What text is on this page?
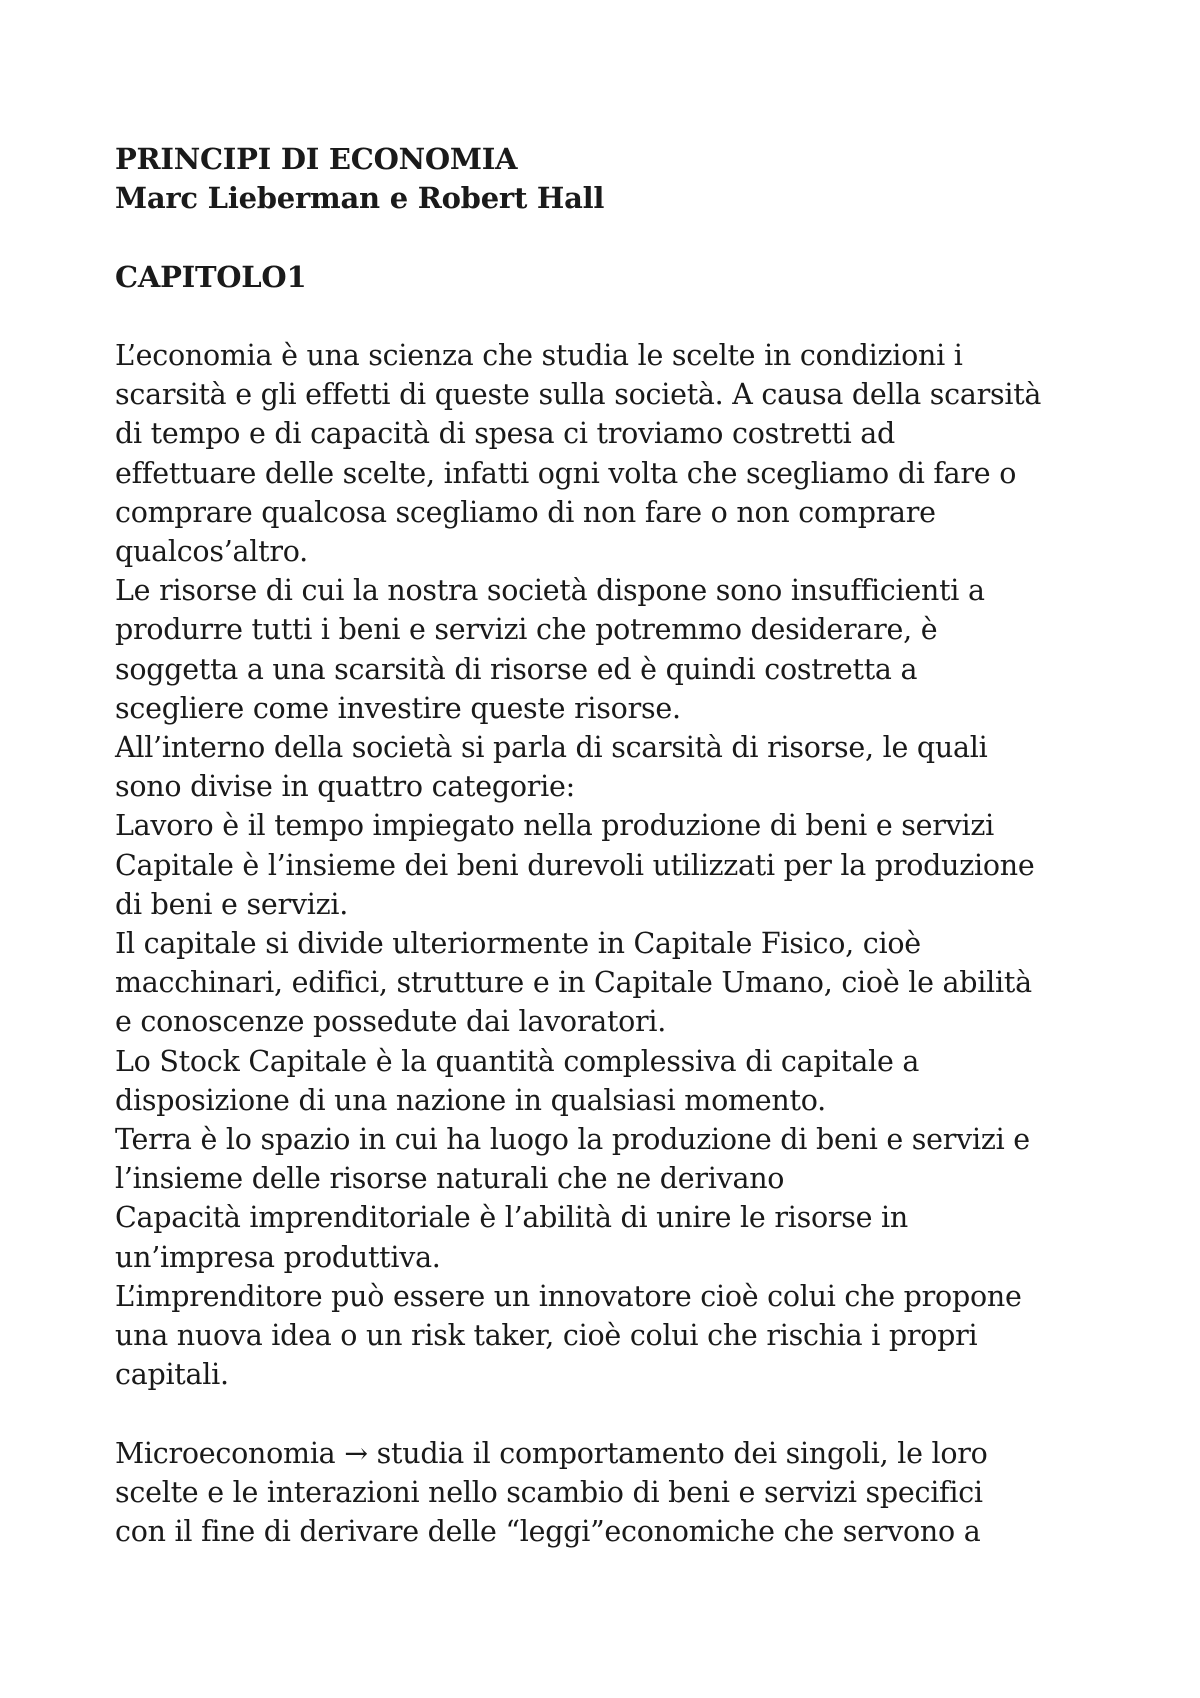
PRINCIPI DI ECONOMIA
Marc Lieberman e Robert Hall
CAPITOLO1
L’economia è una scienza che studia le scelte in condizioni i
scarsità e gli effetti di queste sulla società. A causa della scarsità
di tempo e di capacità di spesa ci troviamo costretti ad
effettuare delle scelte, infatti ogni volta che scegliamo di fare o
comprare qualcosa scegliamo di non fare o non comprare
qualcos’altro.
Le risorse di cui la nostra società dispone sono insufficienti a
produrre tutti i beni e servizi che potremmo desiderare, è
soggetta a una scarsità di risorse ed è quindi costretta a
scegliere come investire queste risorse.
All’interno della società si parla di scarsità di risorse, le quali
sono divise in quattro categorie:
Lavoro è il tempo impiegato nella produzione di beni e servizi
Capitale è l’insieme dei beni durevoli utilizzati per la produzione
di beni e servizi.
Il capitale si divide ulteriormente in Capitale Fisico, cioè
macchinari, edifici, strutture e in Capitale Umano, cioè le abilità
e conoscenze possedute dai lavoratori.
Lo Stock Capitale è la quantità complessiva di capitale a
disposizione di una nazione in qualsiasi momento.
Terra è lo spazio in cui ha luogo la produzione di beni e servizi e
l’insieme delle risorse naturali che ne derivano
Capacità imprenditoriale è l’abilità di unire le risorse in
un’impresa produttiva.
L’imprenditore può essere un innovatore cioè colui che propone
una nuova idea o un risk taker, cioè colui che rischia i propri
capitali.
Microeconomia → studia il comportamento dei singoli, le loro
scelte e le interazioni nello scambio di beni e servizi specifici
con il fine di derivare delle “leggi”economiche che servono a
